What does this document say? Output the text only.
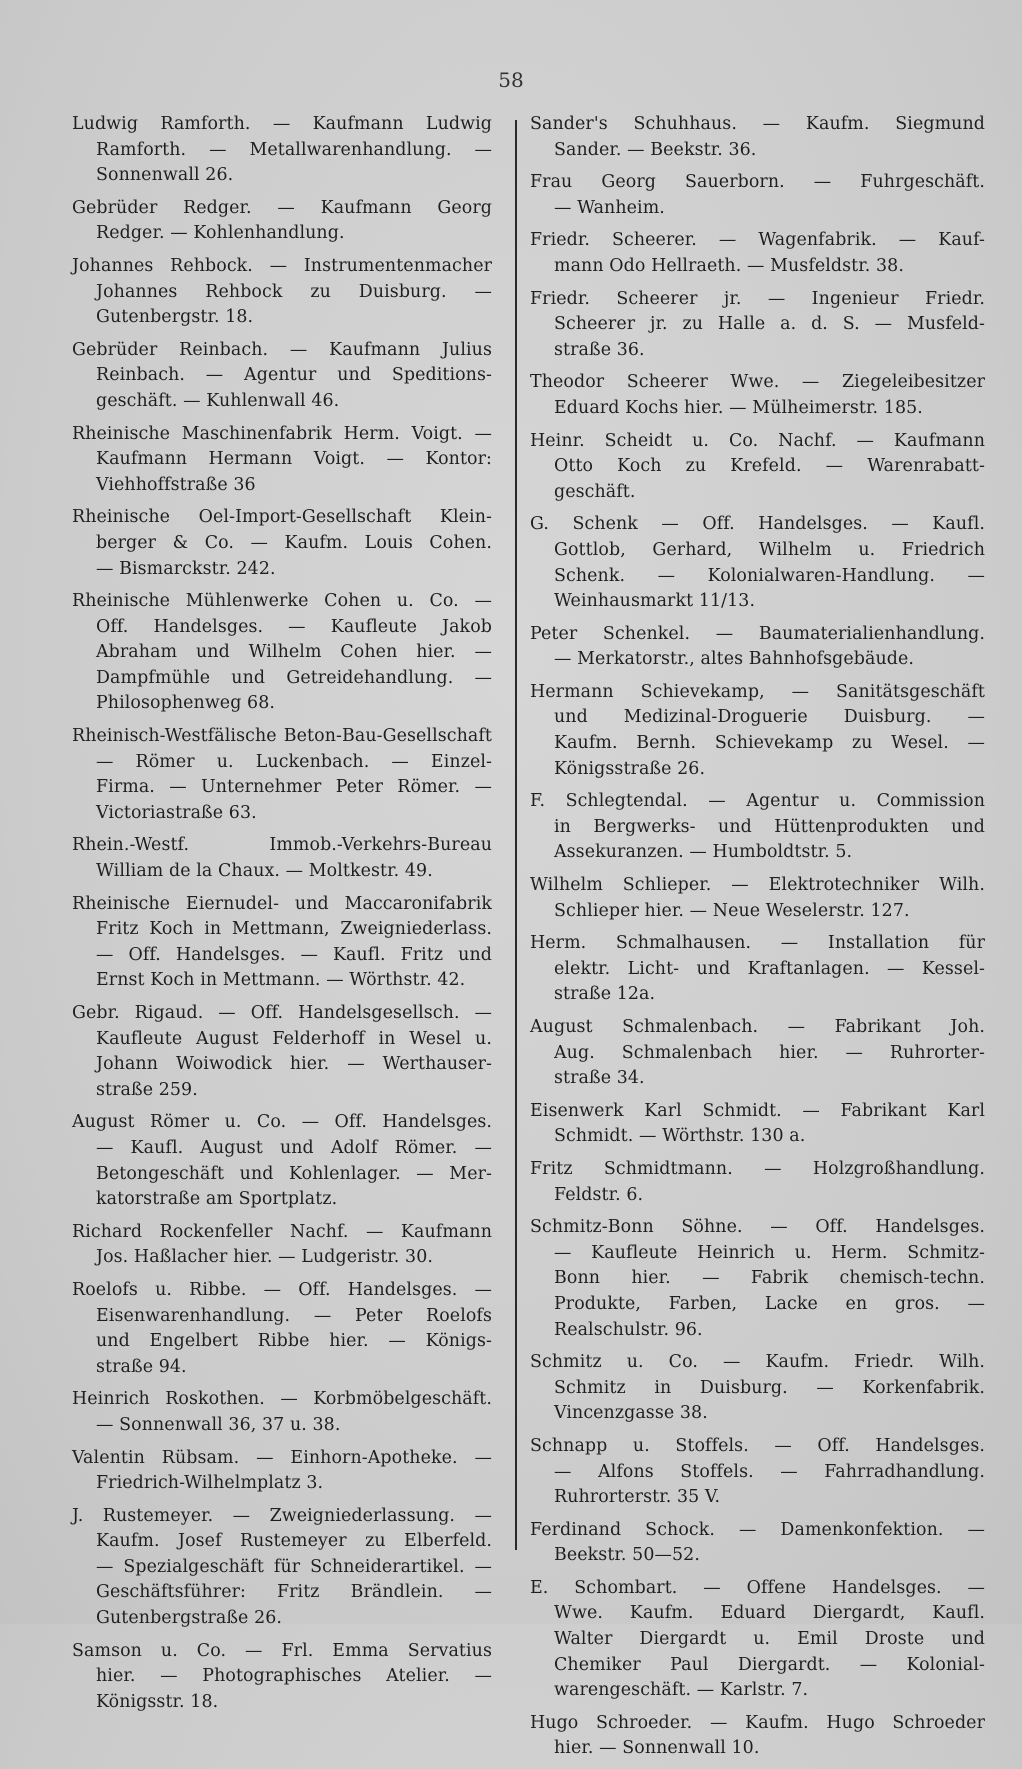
58
Ludwig Ramforth. — Kaufmann Ludwig
Ramforth. — Metallwarenhandlung. —
Sonnenwall 26.
Gebrüder Redger. — Kaufmann Georg
Redger. — Kohlenhandlung.
Johannes Rehbock. — Instrumentenmacher
Johannes Rehbock zu Duisburg. —
Gutenbergstr. 18.
Gebrüder Reinbach. — Kaufmann Julius
Reinbach. — Agentur und Speditions-
geschäft. — Kuhlenwall 46.
Rheinische Maschinenfabrik Herm. Voigt. —
Kaufmann Hermann Voigt. — Kontor:
Viehhoffstraße 36
Rheinische Oel-Import-Gesellschaft Klein-
berger & Co. — Kaufm. Louis Cohen.
— Bismarckstr. 242.
Rheinische Mühlenwerke Cohen u. Co. —
Off. Handelsges. — Kaufleute Jakob
Abraham und Wilhelm Cohen hier. —
Dampfmühle und Getreidehandlung. —
Philosophenweg 68.
Rheinisch-Westfälische Beton-Bau-Gesellschaft
— Römer u. Luckenbach. — Einzel-
Firma. — Unternehmer Peter Römer. —
Victoriastraße 63.
Rhein.-Westf. Immob.-Verkehrs-Bureau
William de la Chaux. — Moltkestr. 49.
Rheinische Eiernudel- und Maccaronifabrik
Fritz Koch in Mettmann, Zweigniederlass.
— Off. Handelsges. — Kaufl. Fritz und
Ernst Koch in Mettmann. — Wörthstr. 42.
Gebr. Rigaud. — Off. Handelsgesellsch. —
Kaufleute August Felderhoff in Wesel u.
Johann Woiwodick hier. — Werthauser-
straße 259.
August Römer u. Co. — Off. Handelsges.
— Kaufl. August und Adolf Römer. —
Betongeschäft und Kohlenlager. — Mer-
katorstraße am Sportplatz.
Richard Rockenfeller Nachf. — Kaufmann
Jos. Haßlacher hier. — Ludgeristr. 30.
Roelofs u. Ribbe. — Off. Handelsges. —
Eisenwarenhandlung. — Peter Roelofs
und Engelbert Ribbe hier. — Königs-
straße 94.
Heinrich Roskothen. — Korbmöbelgeschäft.
— Sonnenwall 36, 37 u. 38.
Valentin Rübsam. — Einhorn-Apotheke. —
Friedrich-Wilhelmplatz 3.
J. Rustemeyer. — Zweigniederlassung. —
Kaufm. Josef Rustemeyer zu Elberfeld.
— Spezialgeschäft für Schneiderartikel. —
Geschäftsführer: Fritz Brändlein. —
Gutenbergstraße 26.
Samson u. Co. — Frl. Emma Servatius
hier. — Photographisches Atelier. —
Königsstr. 18.
Sander's Schuhhaus. — Kaufm. Siegmund
Sander. — Beekstr. 36.
Frau Georg Sauerborn. — Fuhrgeschäft.
— Wanheim.
Friedr. Scheerer. — Wagenfabrik. — Kauf-
mann Odo Hellraeth. — Musfeldstr. 38.
Friedr. Scheerer jr. — Ingenieur Friedr.
Scheerer jr. zu Halle a. d. S. — Musfeld-
straße 36.
Theodor Scheerer Wwe. — Ziegeleibesitzer
Eduard Kochs hier. — Mülheimerstr. 185.
Heinr. Scheidt u. Co. Nachf. — Kaufmann
Otto Koch zu Krefeld. — Warenrabatt-
geschäft.
G. Schenk — Off. Handelsges. — Kaufl.
Gottlob, Gerhard, Wilhelm u. Friedrich
Schenk. — Kolonialwaren-Handlung. —
Weinhausmarkt 11/13.
Peter Schenkel. — Baumaterialienhandlung.
— Merkatorstr., altes Bahnhofsgebäude.
Hermann Schievekamp, — Sanitätsgeschäft
und Medizinal-Droguerie Duisburg. —
Kaufm. Bernh. Schievekamp zu Wesel. —
Königsstraße 26.
F. Schlegtendal. — Agentur u. Commission
in Bergwerks- und Hüttenprodukten und
Assekuranzen. — Humboldtstr. 5.
Wilhelm Schlieper. — Elektrotechniker Wilh.
Schlieper hier. — Neue Weselerstr. 127.
Herm. Schmalhausen. — Installation für
elektr. Licht- und Kraftanlagen. — Kessel-
straße 12a.
August Schmalenbach. — Fabrikant Joh.
Aug. Schmalenbach hier. — Ruhrorter-
straße 34.
Eisenwerk Karl Schmidt. — Fabrikant Karl
Schmidt. — Wörthstr. 130 a.
Fritz Schmidtmann. — Holzgroßhandlung.
Feldstr. 6.
Schmitz-Bonn Söhne. — Off. Handelsges.
— Kaufleute Heinrich u. Herm. Schmitz-
Bonn hier. — Fabrik chemisch-techn.
Produkte, Farben, Lacke en gros. —
Realschulstr. 96.
Schmitz u. Co. — Kaufm. Friedr. Wilh.
Schmitz in Duisburg. — Korkenfabrik.
Vincenzgasse 38.
Schnapp u. Stoffels. — Off. Handelsges.
— Alfons Stoffels. — Fahrradhandlung.
Ruhrorterstr. 35 V.
Ferdinand Schock. — Damenkonfektion. —
Beekstr. 50—52.
E. Schombart. — Offene Handelsges. —
Wwe. Kaufm. Eduard Diergardt, Kaufl.
Walter Diergardt u. Emil Droste und
Chemiker Paul Diergardt. — Kolonial-
warengeschäft. — Karlstr. 7.
Hugo Schroeder. — Kaufm. Hugo Schroeder
hier. — Sonnenwall 10.
